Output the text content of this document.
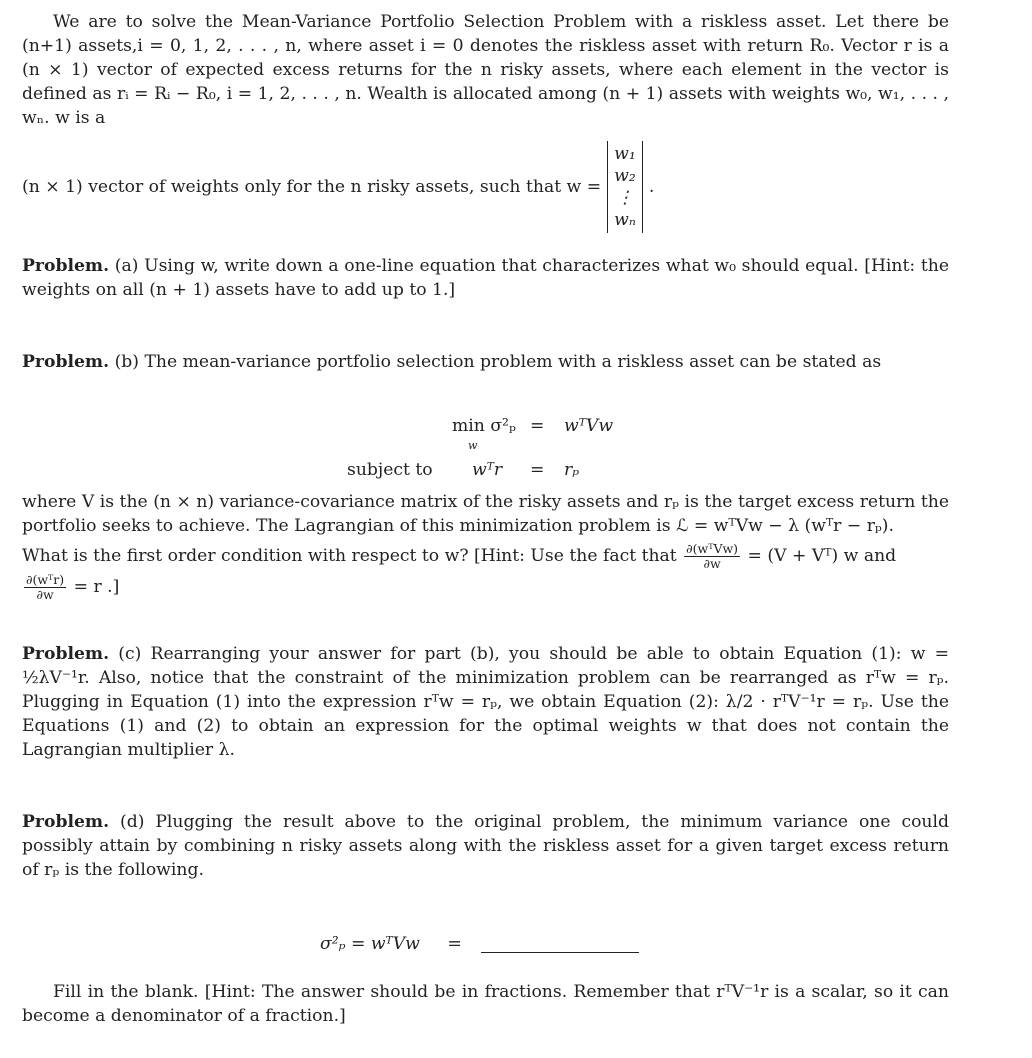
We are to solve the Mean-Variance Portfolio Selection Problem with a riskless asset. Let there be (n+1) assets,i = 0, 1, 2, . . . , n, where asset i = 0 denotes the riskless asset with return R₀. Vector r is a (n × 1) vector of expected excess returns for the n risky assets, where each element in the vector is defined as rᵢ = Rᵢ − R₀, i = 1, 2, . . . , n. Wealth is allocated among (n + 1) assets with weights w₀, w₁, . . . , wₙ. w is a

(n × 1) vector of weights only for the n risky assets, such that w =
w₁
w₂
⋮
wₙ
.

Problem. (a) Using w, write down a one-line equation that characterizes what w₀ should equal. [Hint: the weights on all (n + 1) assets have to add up to 1.]

Problem. (b) The mean-variance portfolio selection problem with a riskless asset can be stated as

min σ²ₚ
w
= wᵀVw
subject to wᵀr = rₚ

where V is the (n × n) variance-covariance matrix of the risky assets and rₚ is the target excess return the portfolio seeks to achieve. The Lagrangian of this minimization problem is ℒ = wᵀVw − λ (wᵀr − rₚ).

What is the first order condition with respect to w? [Hint: Use the fact that $\frac{\text{∂(wᵀVw)}}{\partial w} = (V$ + Vᵀ) w and

$\frac{\text{∂(wᵀr)}}{\partial w} = r$ .]

Problem. (c) Rearranging your answer for part (b), you should be able to obtain Equation (1): w = ½λV⁻¹r. Also, notice that the constraint of the minimization problem can be rearranged as rᵀw = rₚ. Plugging in Equation (1) into the expression rᵀw = rₚ, we obtain Equation (2): λ/2 · rᵀV⁻¹r = rₚ. Use the Equations (1) and (2) to obtain an expression for the optimal weights w that does not contain the Lagrangian multiplier λ.

Problem. (d) Plugging the result above to the original problem, the minimum variance one could possibly attain by combining n risky assets along with the riskless asset for a given target excess return of rₚ is the following.

σ²ₚ = wᵀVw =

Fill in the blank. [Hint: The answer should be in fractions. Remember that rᵀV⁻¹r is a scalar, so it can become a denominator of a fraction.]
